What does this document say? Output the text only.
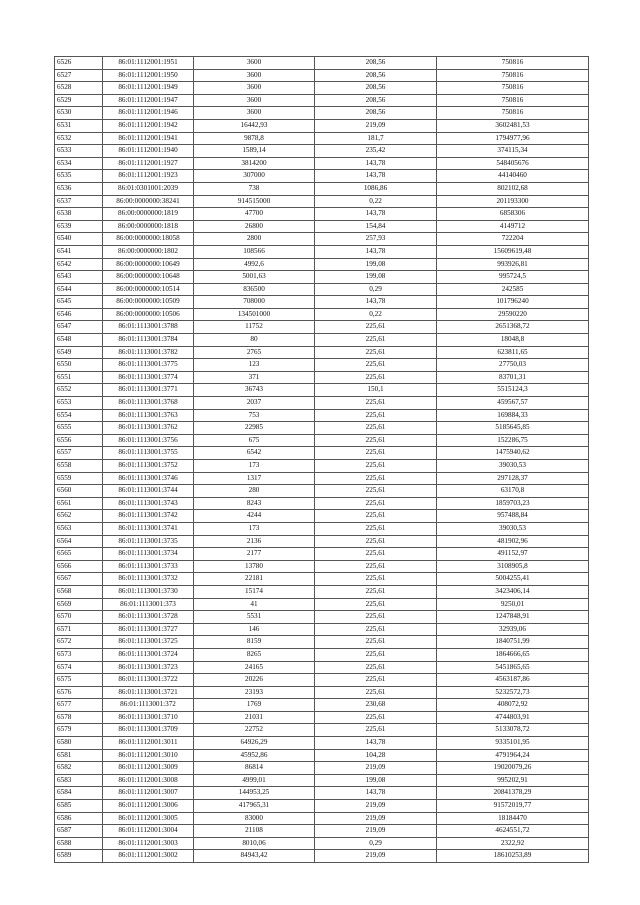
6526	86:01:1112001:1951	3600	208,56	750816
6527	86:01:1112001:1950	3600	208,56	750816
6528	86:01:1112001:1949	3600	208,56	750816
6529	86:01:1112001:1947	3600	208,56	750816
6530	86:01:1112001:1946	3600	208,56	750816
6531	86:01:1112001:1942	16442,93	219,09	3602481,53
6532	86:01:1112001:1941	9878,8	181,7	1794977,96
6533	86:01:1112001:1940	1589,14	235,42	374115,34
6534	86:01:1112001:1927	3814200	143,78	548405676
6535	86:01:1112001:1923	307000	143,78	44140460
6536	86:01:0301001:2039	738	1086,86	802102,68
6537	86:00:0000000:38241	914515000	0,22	201193300
6538	86:00:0000000:1819	47700	143,78	6858306
6539	86:00:0000000:1818	26800	154,84	4149712
6540	86:00:0000000:18058	2800	257,93	722204
6541	86:00:0000000:1802	108566	143,78	15609619,48
6542	86:00:0000000:10649	4992,6	199,08	993926,81
6543	86:00:0000000:10648	5001,63	199,08	995724,5
6544	86:00:0000000:10514	836500	0,29	242585
6545	86:00:0000000:10509	708000	143,78	101796240
6546	86:00:0000000:10506	134501000	0,22	29590220
6547	86:01:1113001:3788	11752	225,61	2651368,72
6548	86:01:1113001:3784	80	225,61	18048,8
6549	86:01:1113001:3782	2765	225,61	623811,65
6550	86:01:1113001:3775	123	225,61	27750,03
6551	86:01:1113001:3774	371	225,61	83701,31
6552	86:01:1113001:3771	36743	150,1	5515124,3
6553	86:01:1113001:3768	2037	225,61	459567,57
6554	86:01:1113001:3763	753	225,61	169884,33
6555	86:01:1113001:3762	22985	225,61	5185645,85
6556	86:01:1113001:3756	675	225,61	152286,75
6557	86:01:1113001:3755	6542	225,61	1475940,62
6558	86:01:1113001:3752	173	225,61	39030,53
6559	86:01:1113001:3746	1317	225,61	297128,37
6560	86:01:1113001:3744	280	225,61	63170,8
6561	86:01:1113001:3743	8243	225,61	1859703,23
6562	86:01:1113001:3742	4244	225,61	957488,84
6563	86:01:1113001:3741	173	225,61	39030,53
6564	86:01:1113001:3735	2136	225,61	481902,96
6565	86:01:1113001:3734	2177	225,61	491152,97
6566	86:01:1113001:3733	13780	225,61	3108905,8
6567	86:01:1113001:3732	22181	225,61	5004255,41
6568	86:01:1113001:3730	15174	225,61	3423406,14
6569	86:01:1113001:373	41	225,61	9250,01
6570	86:01:1113001:3728	5531	225,61	1247848,91
6571	86:01:1113001:3727	146	225,61	32939,06
6572	86:01:1113001:3725	8159	225,61	1840751,99
6573	86:01:1113001:3724	8265	225,61	1864666,65
6574	86:01:1113001:3723	24165	225,61	5451865,65
6575	86:01:1113001:3722	20226	225,61	4563187,86
6576	86:01:1113001:3721	23193	225,61	5232572,73
6577	86:01:1113001:372	1769	230,68	408072,92
6578	86:01:1113001:3710	21031	225,61	4744803,91
6579	86:01:1113001:3709	22752	225,61	5133078,72
6580	86:01:1112001:3011	64926,29	143,78	9335101,95
6581	86:01:1112001:3010	45952,86	104,28	4791964,24
6582	86:01:1112001:3009	86814	219,09	19020079,26
6583	86:01:1112001:3008	4999,01	199,08	995202,91
6584	86:01:1112001:3007	144953,25	143,78	20841378,29
6585	86:01:1112001:3006	417965,31	219,09	91572019,77
6586	86:01:1112001:3005	83000	219,09	18184470
6587	86:01:1112001:3004	21108	219,09	4624551,72
6588	86:01:1112001:3003	8010,06	0,29	2322,92
6589	86:01:1112001:3002	84943,42	219,09	18610253,89
